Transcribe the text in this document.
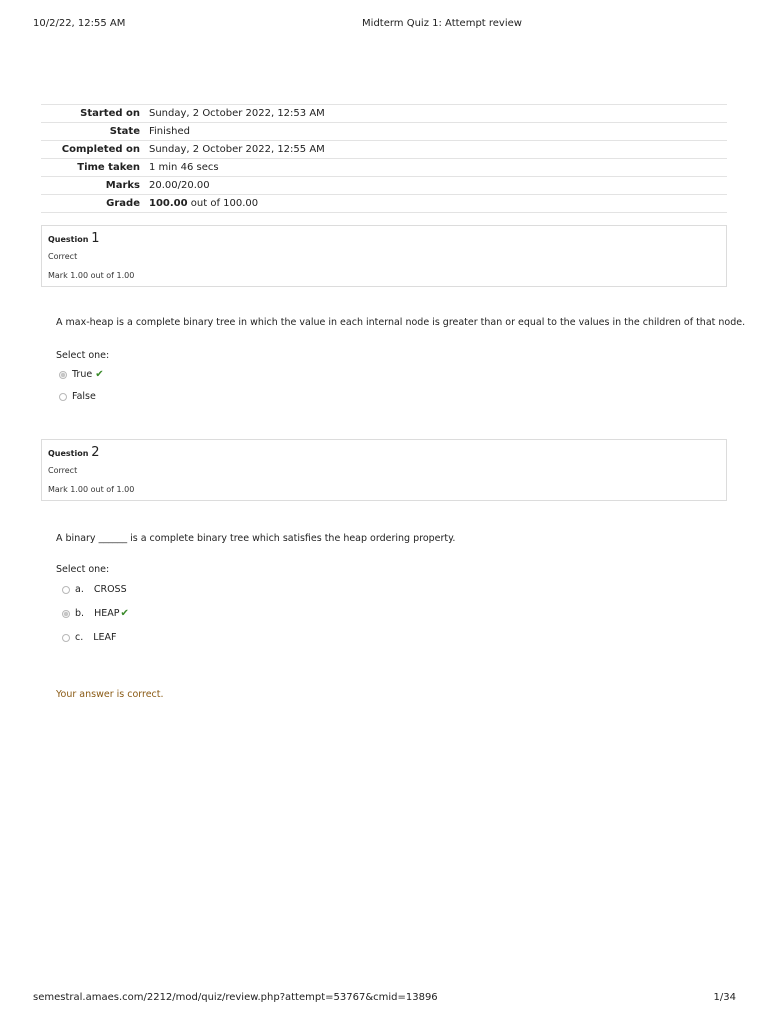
10/2/22, 12:55 AM	Midterm Quiz 1: Attempt review
Started on	Sunday, 2 October 2022, 12:53 AM
State	Finished
Completed on	Sunday, 2 October 2022, 12:55 AM
Time taken	1 min 46 secs
Marks	20.00/20.00
Grade	100.00 out of 100.00
Question 1
Correct
Mark 1.00 out of 1.00
A max-heap is a complete binary tree in which the value in each internal node is greater than or equal to the values in the children of that node.
Select one:
True ✔
False
Question 2
Correct
Mark 1.00 out of 1.00
A binary ______ is a complete binary tree which satisfies the heap ordering property.
Select one:
a. CROSS
b. HEAP ✔
c. LEAF
Your answer is correct.
semestral.amaes.com/2212/mod/quiz/review.php?attempt=53767&cmid=13896	1/34
